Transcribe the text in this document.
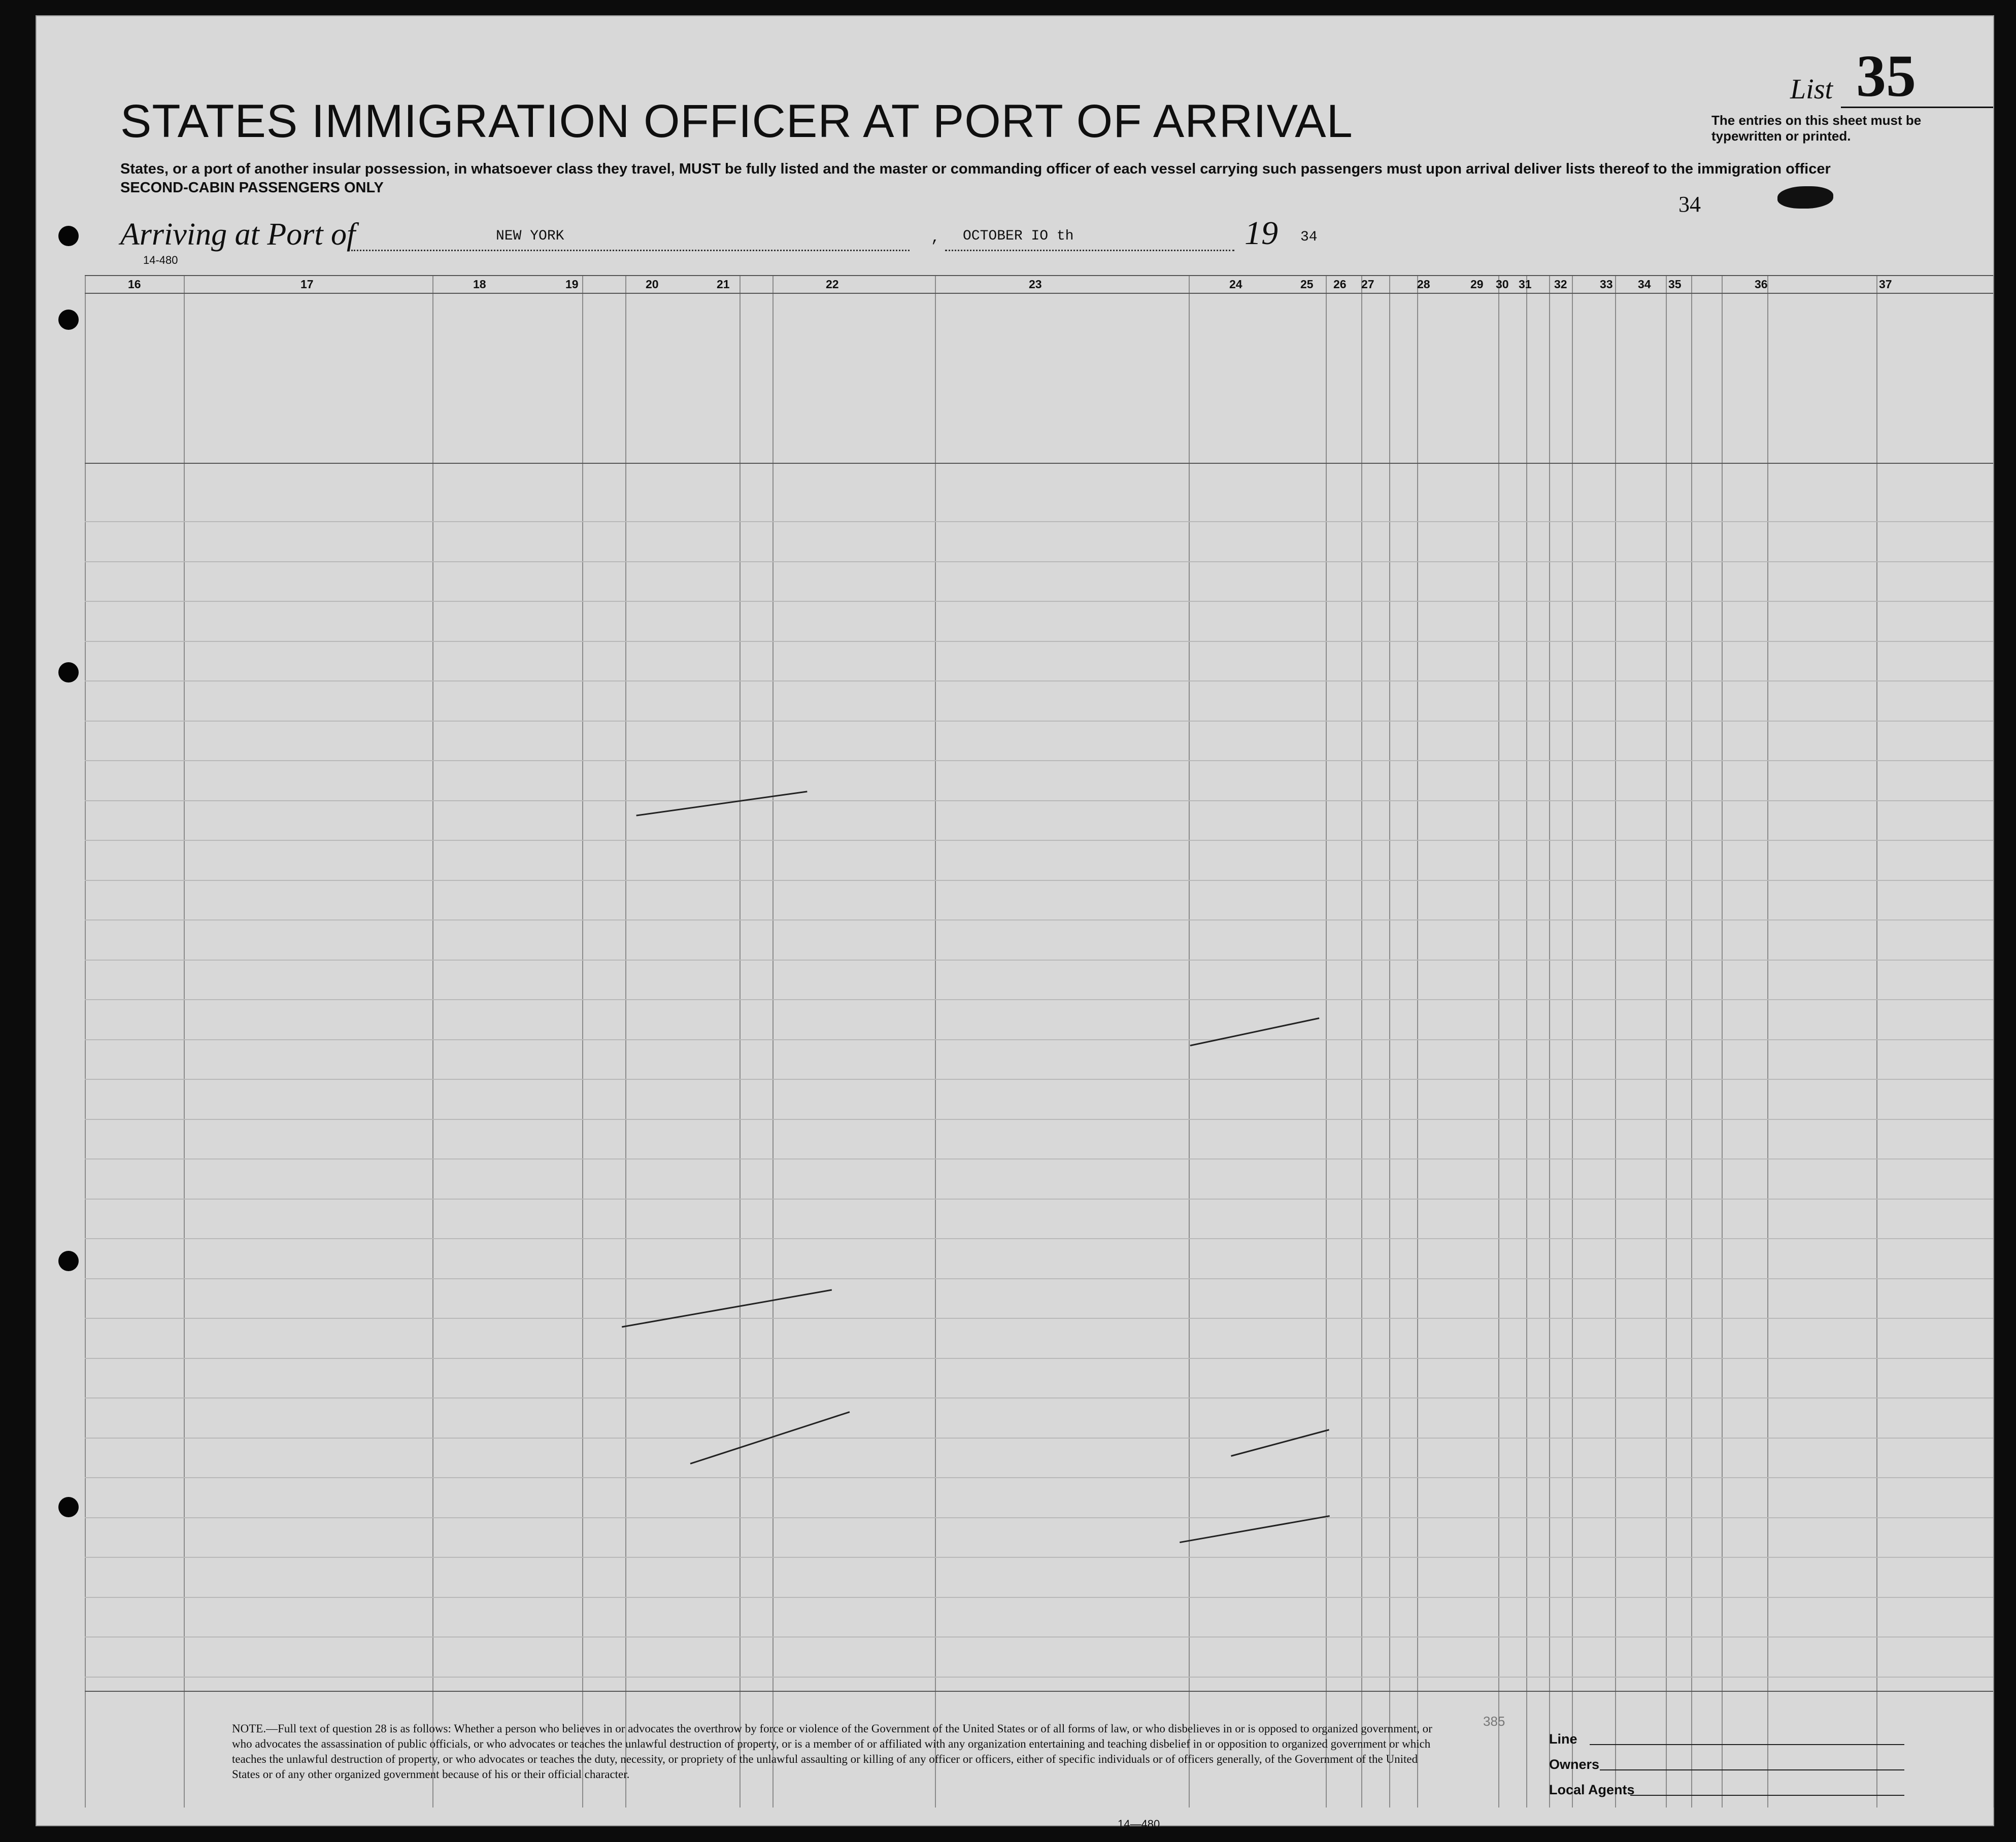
STATES IMMIGRATION OFFICER AT PORT OF ARRIVAL
14-480
States, or a port of another insular possession, in whatsoever class they travel, MUST be fully listed and the master or commanding officer of each vessel carrying such passengers must upon arrival deliver lists thereof to the immigration officer
SECOND-CABIN PASSENGERS ONLY
Arriving at Port of	NEW YORK	, OCTOBER IO th	19 34
34
List 35
The entries on this sheet must be typewritten or printed.
16	17	18	19	20	21	22	23	24	25 26 27	28	29 30 31 32	33 34 35	36	37
NOTE.—Full text of question 28 is as follows: Whether a person who believes in or advocates the overthrow by force or violence of the Government of the United States or of all forms of law, or who disbelieves in or is opposed to organized government, or who advocates the assassination of public officials, or who advocates or teaches the unlawful destruction of property, or is a member of or affiliated with any organization entertaining and teaching disbelief in or opposition to organized government or which teaches the unlawful destruction of property, or who advocates or teaches the duty, necessity, or propriety of the unlawful assaulting or killing of any officer or officers, either of specific individuals or of officers generally, of the Government of the United States or of any other organized government because of his or their official character.
385
Line
Owners
Local Agents
14—480
